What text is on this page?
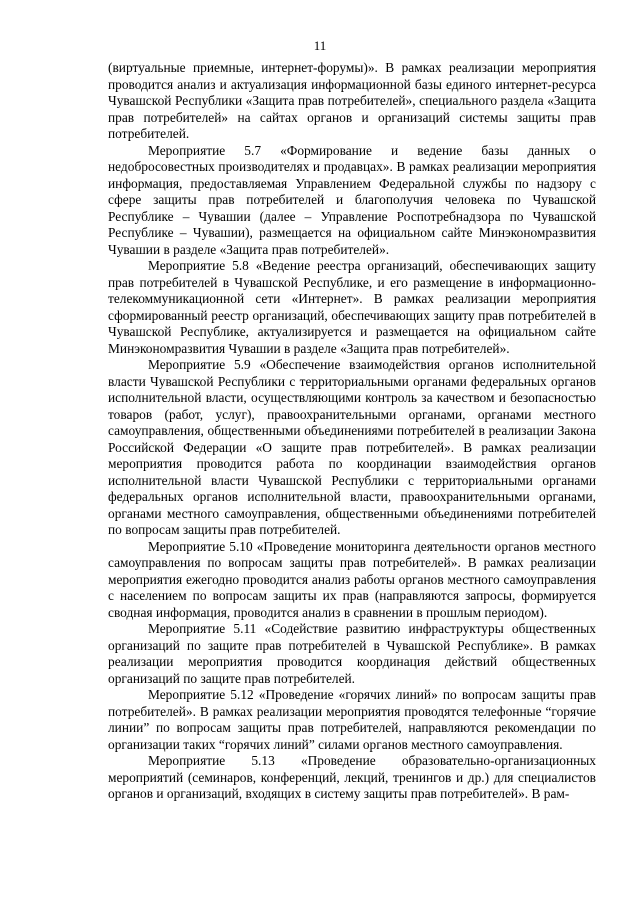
11

(виртуальные приемные, интернет-форумы)». В рамках реализации мероприятия проводится анализ и актуализация информационной базы единого интернет-ресурса Чувашской Республики «Защита прав потребителей», специального раздела «Защита прав потребителей» на сайтах органов и организаций системы защиты прав потребителей.

Мероприятие 5.7 «Формирование и ведение базы данных о недобросовестных производителях и продавцах». В рамках реализации мероприятия информация, предоставляемая Управлением Федеральной службы по надзору с сфере защиты прав потребителей и благополучия человека по Чувашской Республике – Чувашии (далее – Управление Роспотребнадзора по Чувашской Республике – Чувашии), размещается на официальном сайте Минэкономразвития Чувашии в разделе «Защита прав потребителей».

Мероприятие 5.8 «Ведение реестра организаций, обеспечивающих защиту прав потребителей в Чувашской Республике, и его размещение в информационно-телекоммуникационной сети «Интернет». В рамках реализации мероприятия сформированный реестр организаций, обеспечивающих защиту прав потребителей в Чувашской Республике, актуализируется и размещается на официальном сайте Минэкономразвития Чувашии в разделе «Защита прав потребителей».

Мероприятие 5.9 «Обеспечение взаимодействия органов исполнительной власти Чувашской Республики с территориальными органами федеральных органов исполнительной власти, осуществляющими контроль за качеством и безопасностью товаров (работ, услуг), правоохранительными органами, органами местного самоуправления, общественными объединениями потребителей в реализации Закона Российской Федерации «О защите прав потребителей». В рамках реализации мероприятия проводится работа по координации взаимодействия органов исполнительной власти Чувашской Республики с территориальными органами федеральных органов исполнительной власти, правоохранительными органами, органами местного самоуправления, общественными объединениями потребителей по вопросам защиты прав потребителей.

Мероприятие 5.10 «Проведение мониторинга деятельности органов местного самоуправления по вопросам защиты прав потребителей». В рамках реализации мероприятия ежегодно проводится анализ работы органов местного самоуправления с населением по вопросам защиты их прав (направляются запросы, формируется сводная информация, проводится анализ в сравнении в прошлым периодом).

Мероприятие 5.11 «Содействие развитию инфраструктуры общественных организаций по защите прав потребителей в Чувашской Республике». В рамках реализации мероприятия проводится координация действий общественных организаций по защите прав потребителей.

Мероприятие 5.12 «Проведение «горячих линий» по вопросам защиты прав потребителей». В рамках реализации мероприятия проводятся телефонные “горячие линии” по вопросам защиты прав потребителей, направляются рекомендации по организации таких “горячих линий” силами органов местного самоуправления.

Мероприятие 5.13 «Проведение образовательно-организационных мероприятий (семинаров, конференций, лекций, тренингов и др.) для специалистов органов и организаций, входящих в систему защиты прав потребителей». В рам-
